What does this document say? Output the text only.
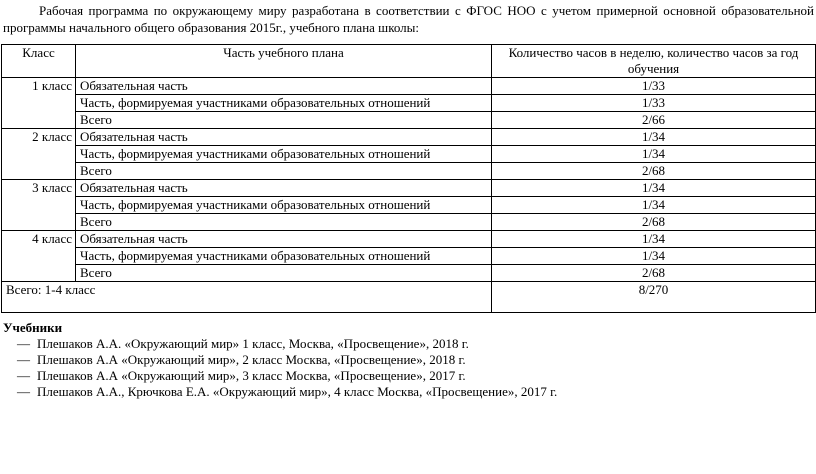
Рабочая программа по окружающему миру разработана в соответствии с ФГОС НОО с учетом примерной основной образовательной
программы начального общего образования 2015г., учебного плана школы:
Класс	Часть учебного плана	Количество часов в неделю, количество часов за год обучения
1 класс	Обязательная часть	1/33
	Часть, формируемая участниками образовательных отношений	1/33
	Всего	2/66
2 класс	Обязательная часть	1/34
	Часть, формируемая участниками образовательных отношений	1/34
	Всего	2/68
3 класс	Обязательная часть	1/34
	Часть, формируемая участниками образовательных отношений	1/34
	Всего	2/68
4 класс	Обязательная часть	1/34
	Часть, формируемая участниками образовательных отношений	1/34
	Всего	2/68
Всего: 1-4 класс		8/270
Учебники
— Плешаков А.А. «Окружающий мир» 1 класс, Москва, «Просвещение», 2018 г.
— Плешаков А.А «Окружающий мир», 2 класс Москва, «Просвещение», 2018 г.
— Плешаков А.А «Окружающий мир», 3 класс Москва, «Просвещение», 2017 г.
— Плешаков А.А., Крючкова Е.А. «Окружающий мир», 4 класс Москва, «Просвещение», 2017 г.
